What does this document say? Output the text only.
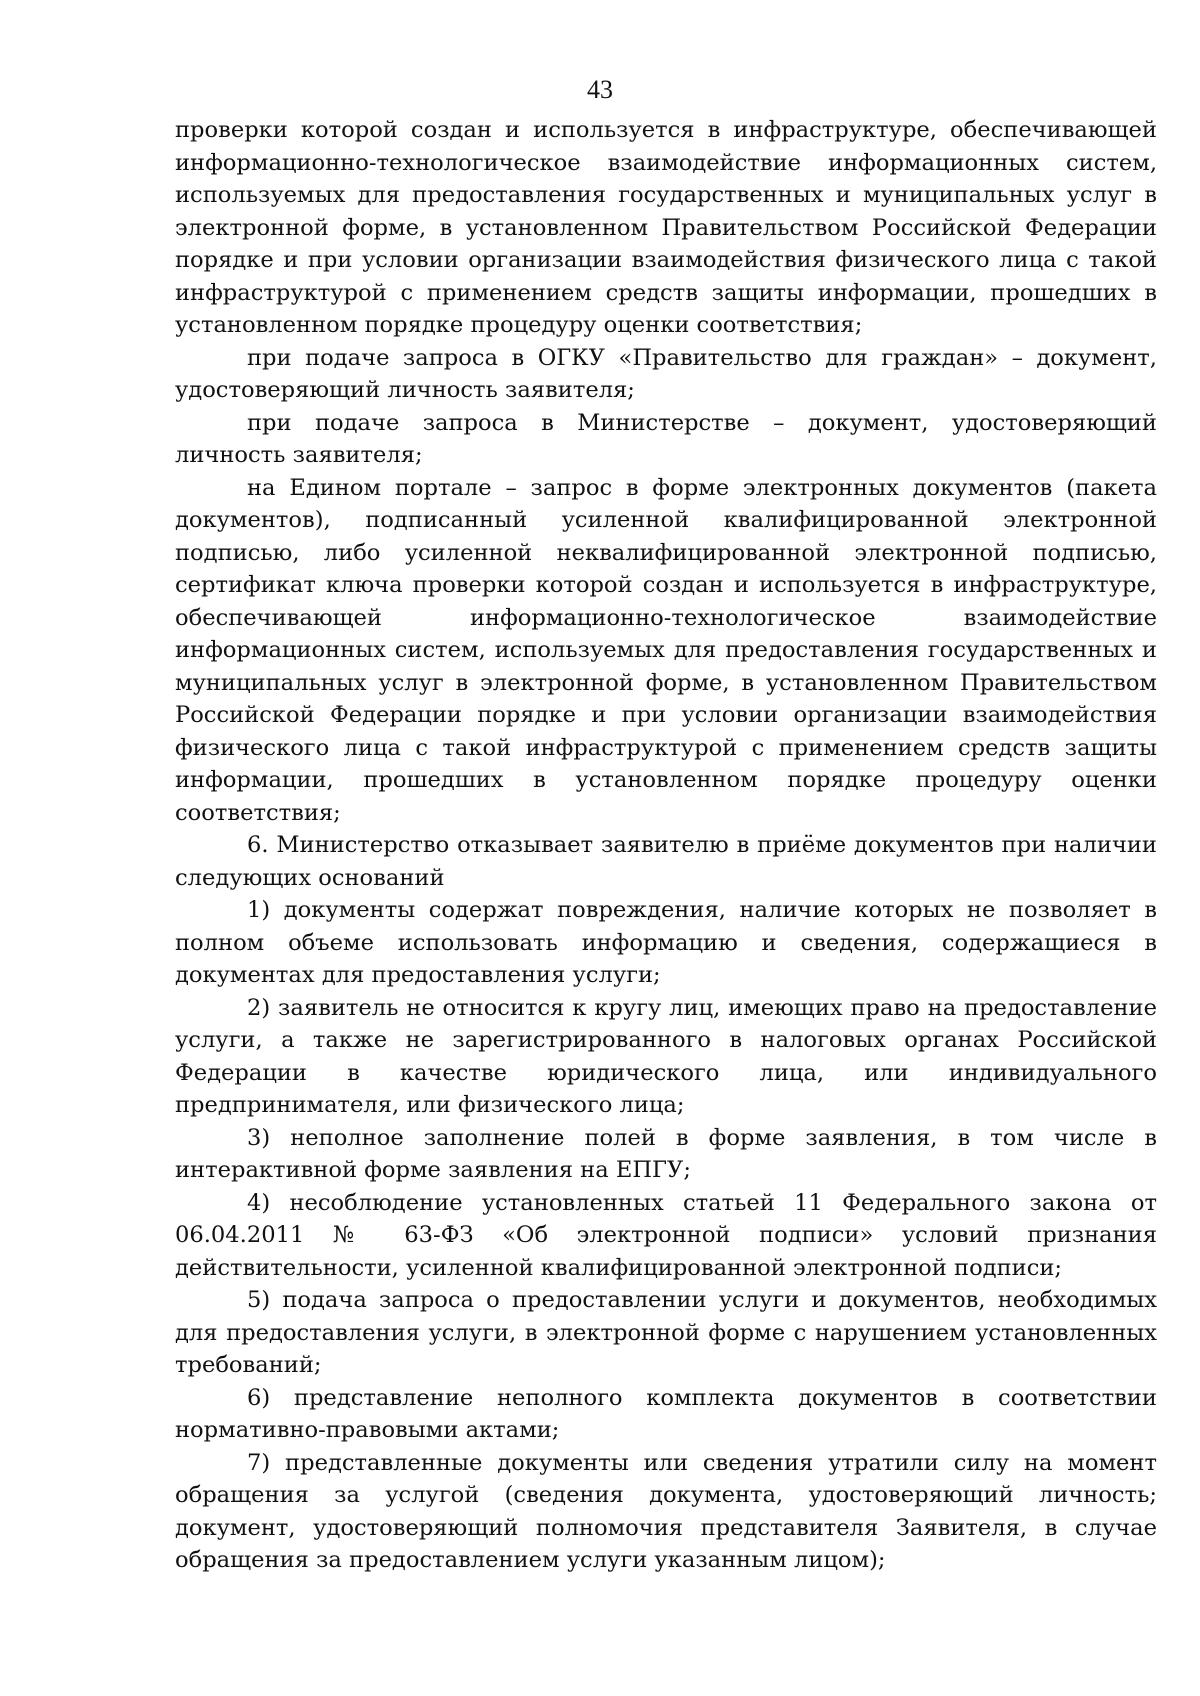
43

проверки которой создан и используется в инфраструктуре, обеспечивающей информационно-технологическое взаимодействие информационных систем, используемых для предоставления государственных и муниципальных услуг в электронной форме, в установленном Правительством Российской Федерации порядке и при условии организации взаимодействия физического лица с такой инфраструктурой с применением средств защиты информации, прошедших в установленном порядке процедуру оценки соответствия;

при подаче запроса в ОГКУ «Правительство для граждан» – документ, удостоверяющий личность заявителя;

при подаче запроса в Министерстве – документ, удостоверяющий личность заявителя;

на Едином портале – запрос в форме электронных документов (пакета документов), подписанный усиленной квалифицированной электронной подписью, либо усиленной неквалифицированной электронной подписью, сертификат ключа проверки которой создан и используется в инфраструктуре, обеспечивающей информационно-технологическое взаимодействие информационных систем, используемых для предоставления государственных и муниципальных услуг в электронной форме, в установленном Правительством Российской Федерации порядке и при условии организации взаимодействия физического лица с такой инфраструктурой с применением средств защиты информации, прошедших в установленном порядке процедуру оценки соответствия;

6. Министерство отказывает заявителю в приёме документов при наличии следующих оснований

1) документы содержат повреждения, наличие которых не позволяет в полном объеме использовать информацию и сведения, содержащиеся в документах для предоставления услуги;

2) заявитель не относится к кругу лиц, имеющих право на предоставление услуги, а также не зарегистрированного в налоговых органах Российской Федерации в качестве юридического лица, или индивидуального предпринимателя, или физического лица;

3) неполное заполнение полей в форме заявления, в том числе в интерактивной форме заявления на ЕПГУ;

4) несоблюдение установленных статьей 11 Федерального закона от 06.04.2011 № 63-ФЗ «Об электронной подписи» условий признания действительности, усиленной квалифицированной электронной подписи;

5) подача запроса о предоставлении услуги и документов, необходимых для предоставления услуги, в электронной форме с нарушением установленных требований;

6) представление неполного комплекта документов в соответствии нормативно-правовыми актами;

7) представленные документы или сведения утратили силу на момент обращения за услугой (сведения документа, удостоверяющий личность; документ, удостоверяющий полномочия представителя Заявителя, в случае обращения за предоставлением услуги указанным лицом);
